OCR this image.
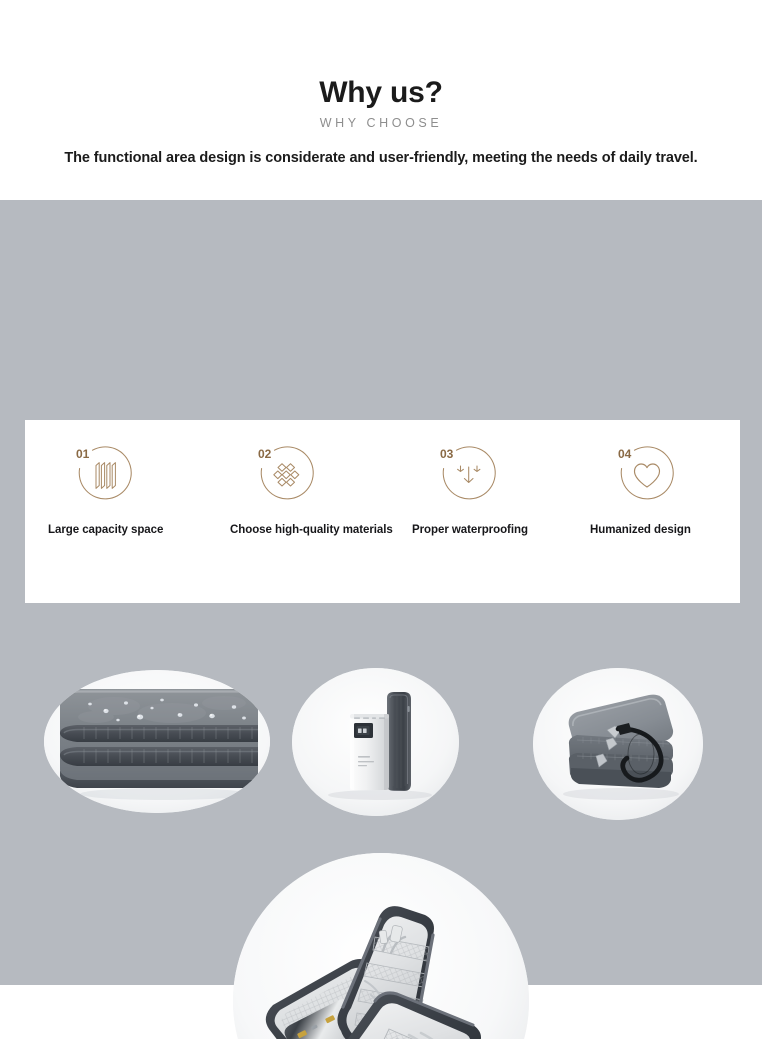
Why us?
WHY CHOOSE
The functional area design is considerate and user-friendly, meeting the needs of daily travel.
01
Large capacity space
02
Choose high-quality materials
03
Proper waterproofing
04
Humanized design
